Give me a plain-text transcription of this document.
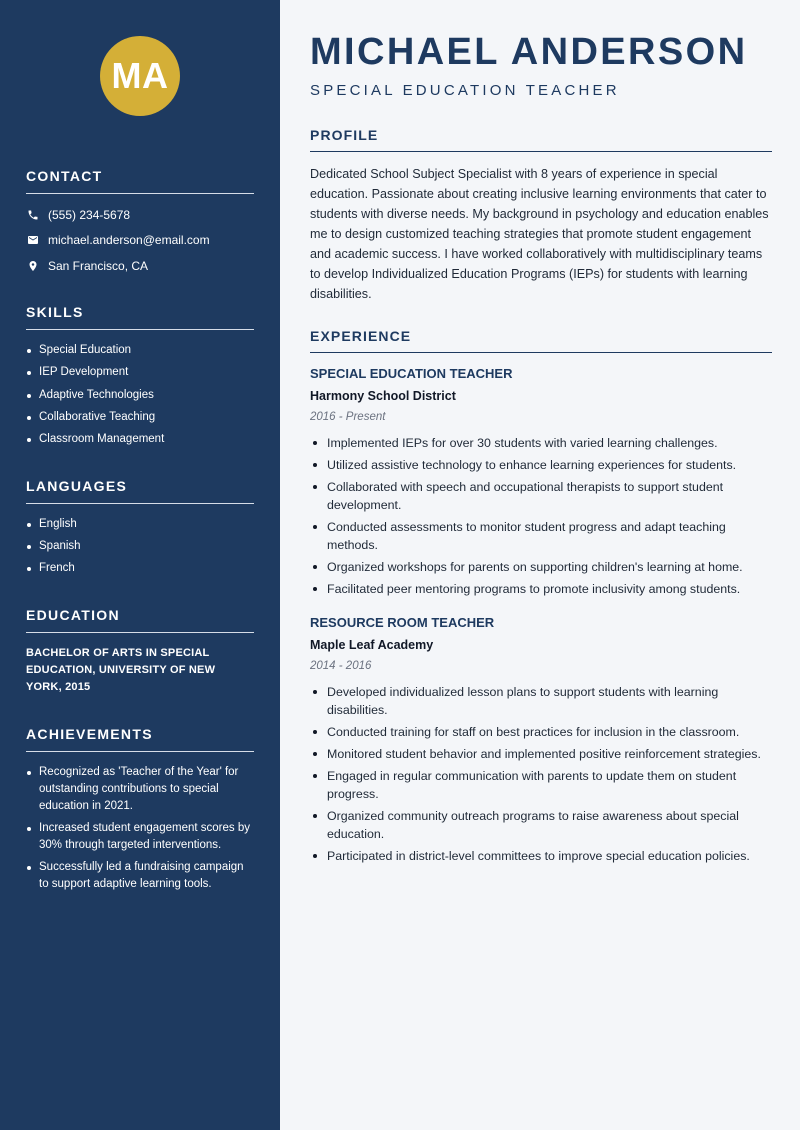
MA
CONTACT
(555) 234-5678
michael.anderson@email.com
San Francisco, CA
SKILLS
Special Education
IEP Development
Adaptive Technologies
Collaborative Teaching
Classroom Management
LANGUAGES
English
Spanish
French
EDUCATION

BACHELOR OF ARTS IN SPECIAL EDUCATION, UNIVERSITY OF NEW YORK, 2015

ACHIEVEMENTS
Recognized as 'Teacher of the Year' for outstanding contributions to special education in 2021.
Increased student engagement scores by 30% through targeted interventions.
Successfully led a fundraising campaign to support adaptive learning tools.
MICHAEL ANDERSON
SPECIAL EDUCATION TEACHER
PROFILE

Dedicated School Subject Specialist with 8 years of experience in special education. Passionate about creating inclusive learning environments that cater to students with diverse needs. My background in psychology and education enables me to design customized teaching strategies that promote student engagement and academic success. I have worked collaboratively with multidisciplinary teams to develop Individualized Education Programs (IEPs) for students with learning disabilities.

EXPERIENCE
SPECIAL EDUCATION TEACHER
Harmony School District
2016 - Present
Implemented IEPs for over 30 students with varied learning challenges.
Utilized assistive technology to enhance learning experiences for students.
Collaborated with speech and occupational therapists to support student development.
Conducted assessments to monitor student progress and adapt teaching methods.
Organized workshops for parents on supporting children's learning at home.
Facilitated peer mentoring programs to promote inclusivity among students.
RESOURCE ROOM TEACHER
Maple Leaf Academy
2014 - 2016
Developed individualized lesson plans to support students with learning disabilities.
Conducted training for staff on best practices for inclusion in the classroom.
Monitored student behavior and implemented positive reinforcement strategies.
Engaged in regular communication with parents to update them on student progress.
Organized community outreach programs to raise awareness about special education.
Participated in district-level committees to improve special education policies.
